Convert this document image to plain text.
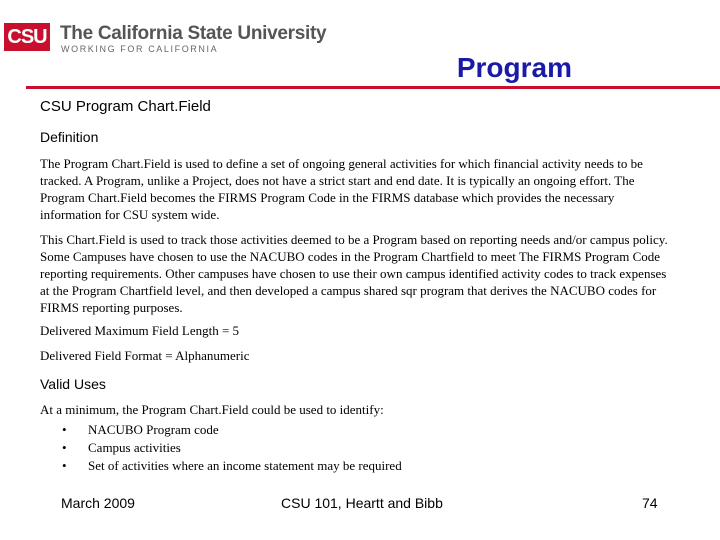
CSU The California State University
WORKING FOR CALIFORNIA
Program
CSU Program Chart.Field
Definition

The Program Chart.Field is used to define a set of ongoing general activities for which financial activity needs to be tracked. A Program, unlike a Project, does not have a strict start and end date. It is typically an ongoing effort. The Program Chart.Field becomes the FIRMS Program Code in the FIRMS database which provides the necessary information for CSU system wide.

This Chart.Field is used to track those activities deemed to be a Program based on reporting needs and/or campus policy. Some Campuses have chosen to use the NACUBO codes in the Program Chartfield to meet The FIRMS Program Code reporting requirements. Other campuses have chosen to use their own campus identified activity codes to track expenses at the Program Chartfield level, and then developed a campus shared sqr program that derives the NACUBO codes for FIRMS reporting purposes.

Delivered Maximum Field Length = 5
Delivered Field Format = Alphanumeric
Valid Uses
At a minimum, the Program Chart.Field could be used to identify:
• NACUBO Program code
• Campus activities
• Set of activities where an income statement may be required
March 2009	CSU 101, Heartt and Bibb	74
